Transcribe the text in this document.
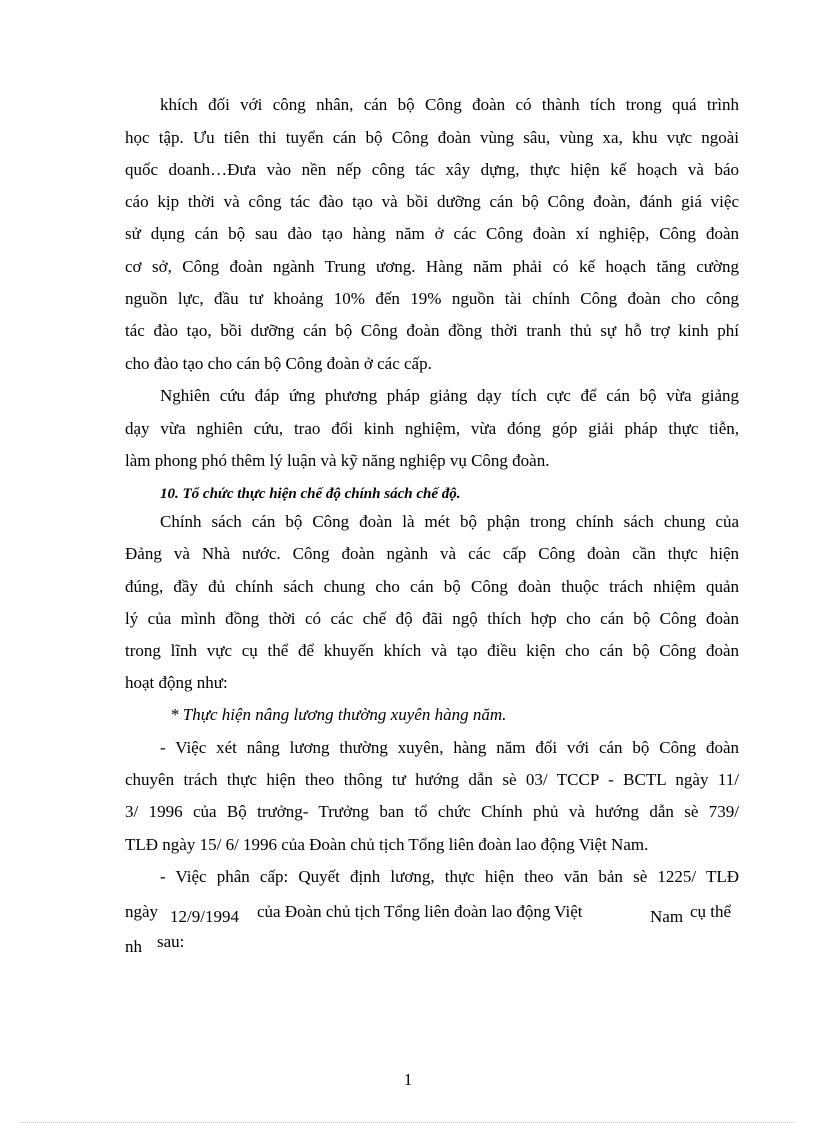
khích đối với công nhân, cán bộ Công đoàn có thành tích trong quá trình
học tập. Ưu tiên thi tuyển cán bộ Công đoàn vùng sâu, vùng xa, khu vực ngoài
quốc doanh…Đưa vào nền nếp công tác xây dựng, thực hiện kế hoạch và báo
cáo kịp thời và công tác đào tạo và bồi dưỡng cán bộ Công đoàn, đánh giá việc
sử dụng cán bộ sau đào tạo hàng năm ở các Công đoàn xí nghiệp, Công đoàn
cơ sở, Công đoàn ngành Trung ương. Hàng năm phải có kế hoạch tăng cường
nguồn lực, đầu tư khoảng 10% đến 19% nguồn tài chính Công đoàn cho công
tác đào tạo, bồi dưỡng cán bộ Công đoàn đồng thời tranh thủ sự hỗ trợ kinh phí
cho đào tạo cho cán bộ Công đoàn ở các cấp.
Nghiên cứu đáp ứng phương pháp giảng dạy tích cực để cán bộ vừa giảng
dạy vừa nghiên cứu, trao đổi kinh nghiệm, vừa đóng góp giải pháp thực tiễn,
làm phong phó thêm lý luận và kỹ năng nghiệp vụ Công đoàn.
10. Tổ chức thực hiện chế độ chính sách chế độ.
Chính sách cán bộ Công đoàn là mét bộ phận trong chính sách chung của
Đảng và Nhà nước. Công đoàn ngành và các cấp Công đoàn cần thực hiện
đúng, đầy đủ chính sách chung cho cán bộ Công đoàn thuộc trách nhiệm quản
lý của mình đồng thời có các chế độ đãi ngộ thích hợp cho cán bộ Công đoàn
trong lĩnh vực cụ thể để khuyến khích và tạo điều kiện cho cán bộ Công đoàn
hoạt động như:
* Thực hiện nâng lương thường xuyên hàng năm.
- Việc xét nâng lương thường xuyên, hàng năm đối với cán bộ Công đoàn
chuyên trách thực hiện theo thông tư hướng dẫn sè 03/ TCCP - BCTL ngày 11/
3/ 1996 của Bộ trưởng- Trưởng ban tổ chức Chính phủ và hướng dẫn sè 739/
TLĐ ngày 15/ 6/ 1996 của Đoàn chủ tịch Tổng liên đoàn lao động Việt Nam.
- Việc phân cấp: Quyết định lương, thực hiện theo văn bản sè 1225/ TLĐ
ngày 12/9/1994 của Đoàn chủ tịch Tổng liên đoàn lao động Việt	Nam cụ thể
nh sau:
1
